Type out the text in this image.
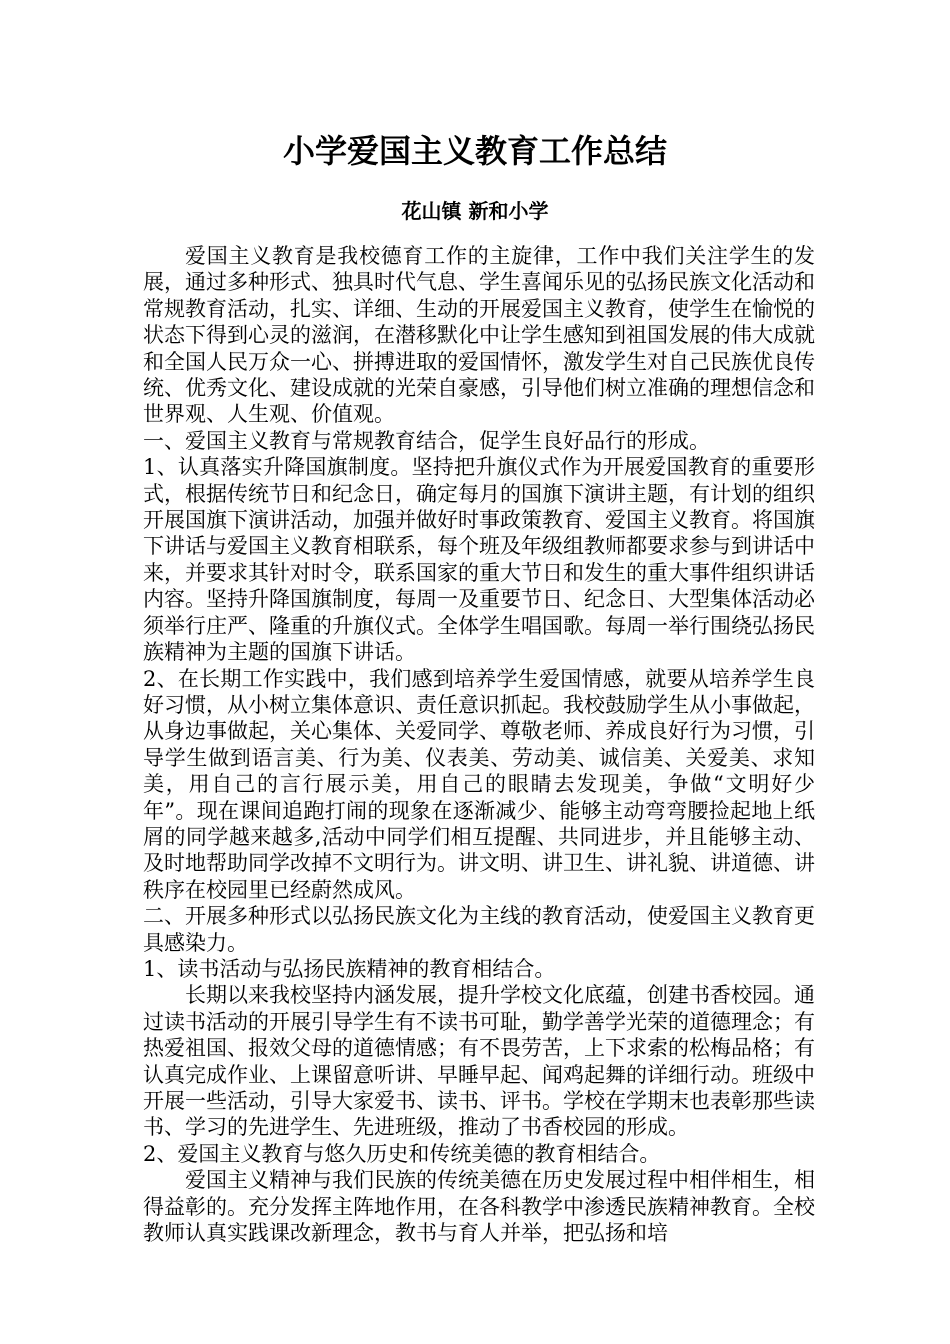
小学爱国主义教育工作总结
花山镇 新和小学

爱国主义教育是我校德育工作的主旋律，工作中我们关注学生的发展，通过多种形式、独具时代气息、学生喜闻乐见的弘扬民族文化活动和常规教育活动，扎实、详细、生动的开展爱国主义教育，使学生在愉悦的状态下得到心灵的滋润，在潜移默化中让学生感知到祖国发展的伟大成就和全国人民万众一心、拼搏进取的爱国情怀，激发学生对自己民族优良传统、优秀文化、建设成就的光荣自豪感，引导他们树立准确的理想信念和世界观、人生观、价值观。

一、爱国主义教育与常规教育结合，促学生良好品行的形成。

1、认真落实升降国旗制度。坚持把升旗仪式作为开展爱国教育的重要形式，根据传统节日和纪念日，确定每月的国旗下演讲主题，有计划的组织开展国旗下演讲活动，加强并做好时事政策教育、爱国主义教育。将国旗下讲话与爱国主义教育相联系，每个班及年级组教师都要求参与到讲话中来，并要求其针对时令，联系国家的重大节日和发生的重大事件组织讲话内容。坚持升降国旗制度，每周一及重要节日、纪念日、大型集体活动必须举行庄严、隆重的升旗仪式。全体学生唱国歌。每周一举行围绕弘扬民族精神为主题的国旗下讲话。

2、在长期工作实践中，我们感到培养学生爱国情感，就要从培养学生良好习惯，从小树立集体意识、责任意识抓起。我校鼓励学生从小事做起，从身边事做起，关心集体、关爱同学、尊敬老师、养成良好行为习惯，引导学生做到语言美、行为美、仪表美、劳动美、诚信美、关爱美、求知美，用自己的言行展示美，用自己的眼睛去发现美，争做“文明好少年”。现在课间追跑打闹的现象在逐渐减少、能够主动弯弯腰捡起地上纸屑的同学越来越多,活动中同学们相互提醒、共同进步，并且能够主动、及时地帮助同学改掉不文明行为。讲文明、讲卫生、讲礼貌、讲道德、讲秩序在校园里已经蔚然成风。

二、开展多种形式以弘扬民族文化为主线的教育活动，使爱国主义教育更具感染力。

1、读书活动与弘扬民族精神的教育相结合。

长期以来我校坚持内涵发展，提升学校文化底蕴，创建书香校园。通过读书活动的开展引导学生有不读书可耻，勤学善学光荣的道德理念；有热爱祖国、报效父母的道德情感；有不畏劳苦，上下求索的松梅品格；有认真完成作业、上课留意听讲、早睡早起、闻鸡起舞的详细行动。班级中开展一些活动，引导大家爱书、读书、评书。学校在学期末也表彰那些读书、学习的先进学生、先进班级，推动了书香校园的形成。

2、爱国主义教育与悠久历史和传统美德的教育相结合。

爱国主义精神与我们民族的传统美德在历史发展过程中相伴相生，相得益彰的。充分发挥主阵地作用，在各科教学中渗透民族精神教育。全校教师认真实践课改新理念，教书与育人并举，把弘扬和培
